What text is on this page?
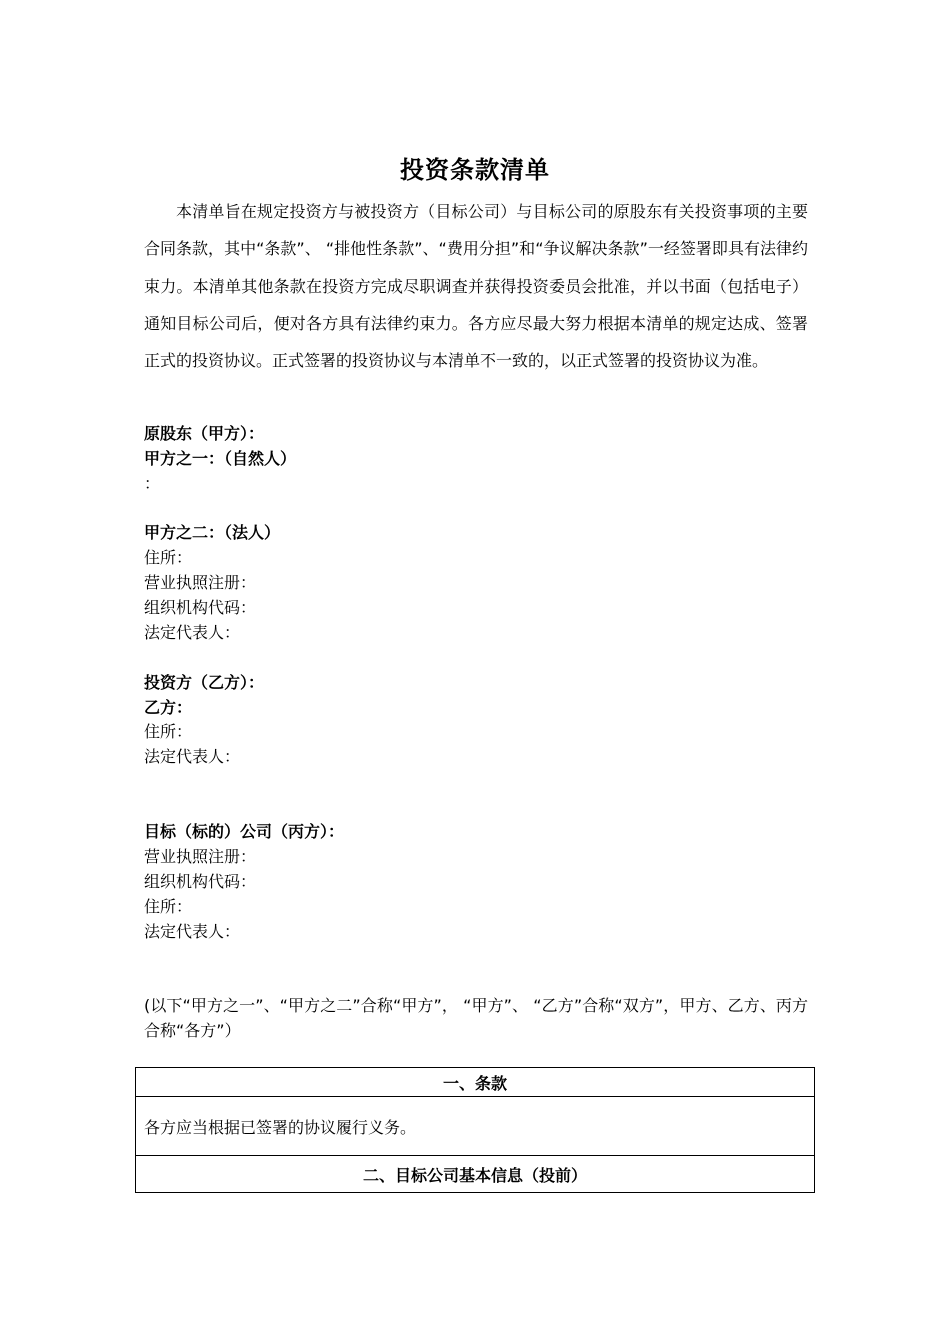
投资条款清单

本清单旨在规定投资方与被投资方（目标公司）与目标公司的原股东有关投资事项的主要合同条款，其中“条款”、 “排他性条款”、“费用分担”和“争议解决条款”一经签署即具有法律约束力。本清单其他条款在投资方完成尽职调查并获得投资委员会批准，并以书面（包括电子）通知目标公司后，便对各方具有法律约束力。各方应尽最大努力根据本清单的规定达成、签署正式的投资协议。正式签署的投资协议与本清单不一致的，以正式签署的投资协议为准。

原股东（甲方）：
甲方之一：（自然人）
：
甲方之二：（法人）
住所：
营业执照注册：
组织机构代码：
法定代表人：
投资方（乙方）：
乙方：
住所：
法定代表人：
目标（标的）公司（丙方）：
营业执照注册：
组织机构代码：
住所：
法定代表人：

(以下“甲方之一”、“甲方之二”合称“甲方”， “甲方”、 “乙方”合称“双方”，甲方、乙方、丙方合称“各方”）

一、条款
各方应当根据已签署的协议履行义务。
二、目标公司基本信息（投前）
